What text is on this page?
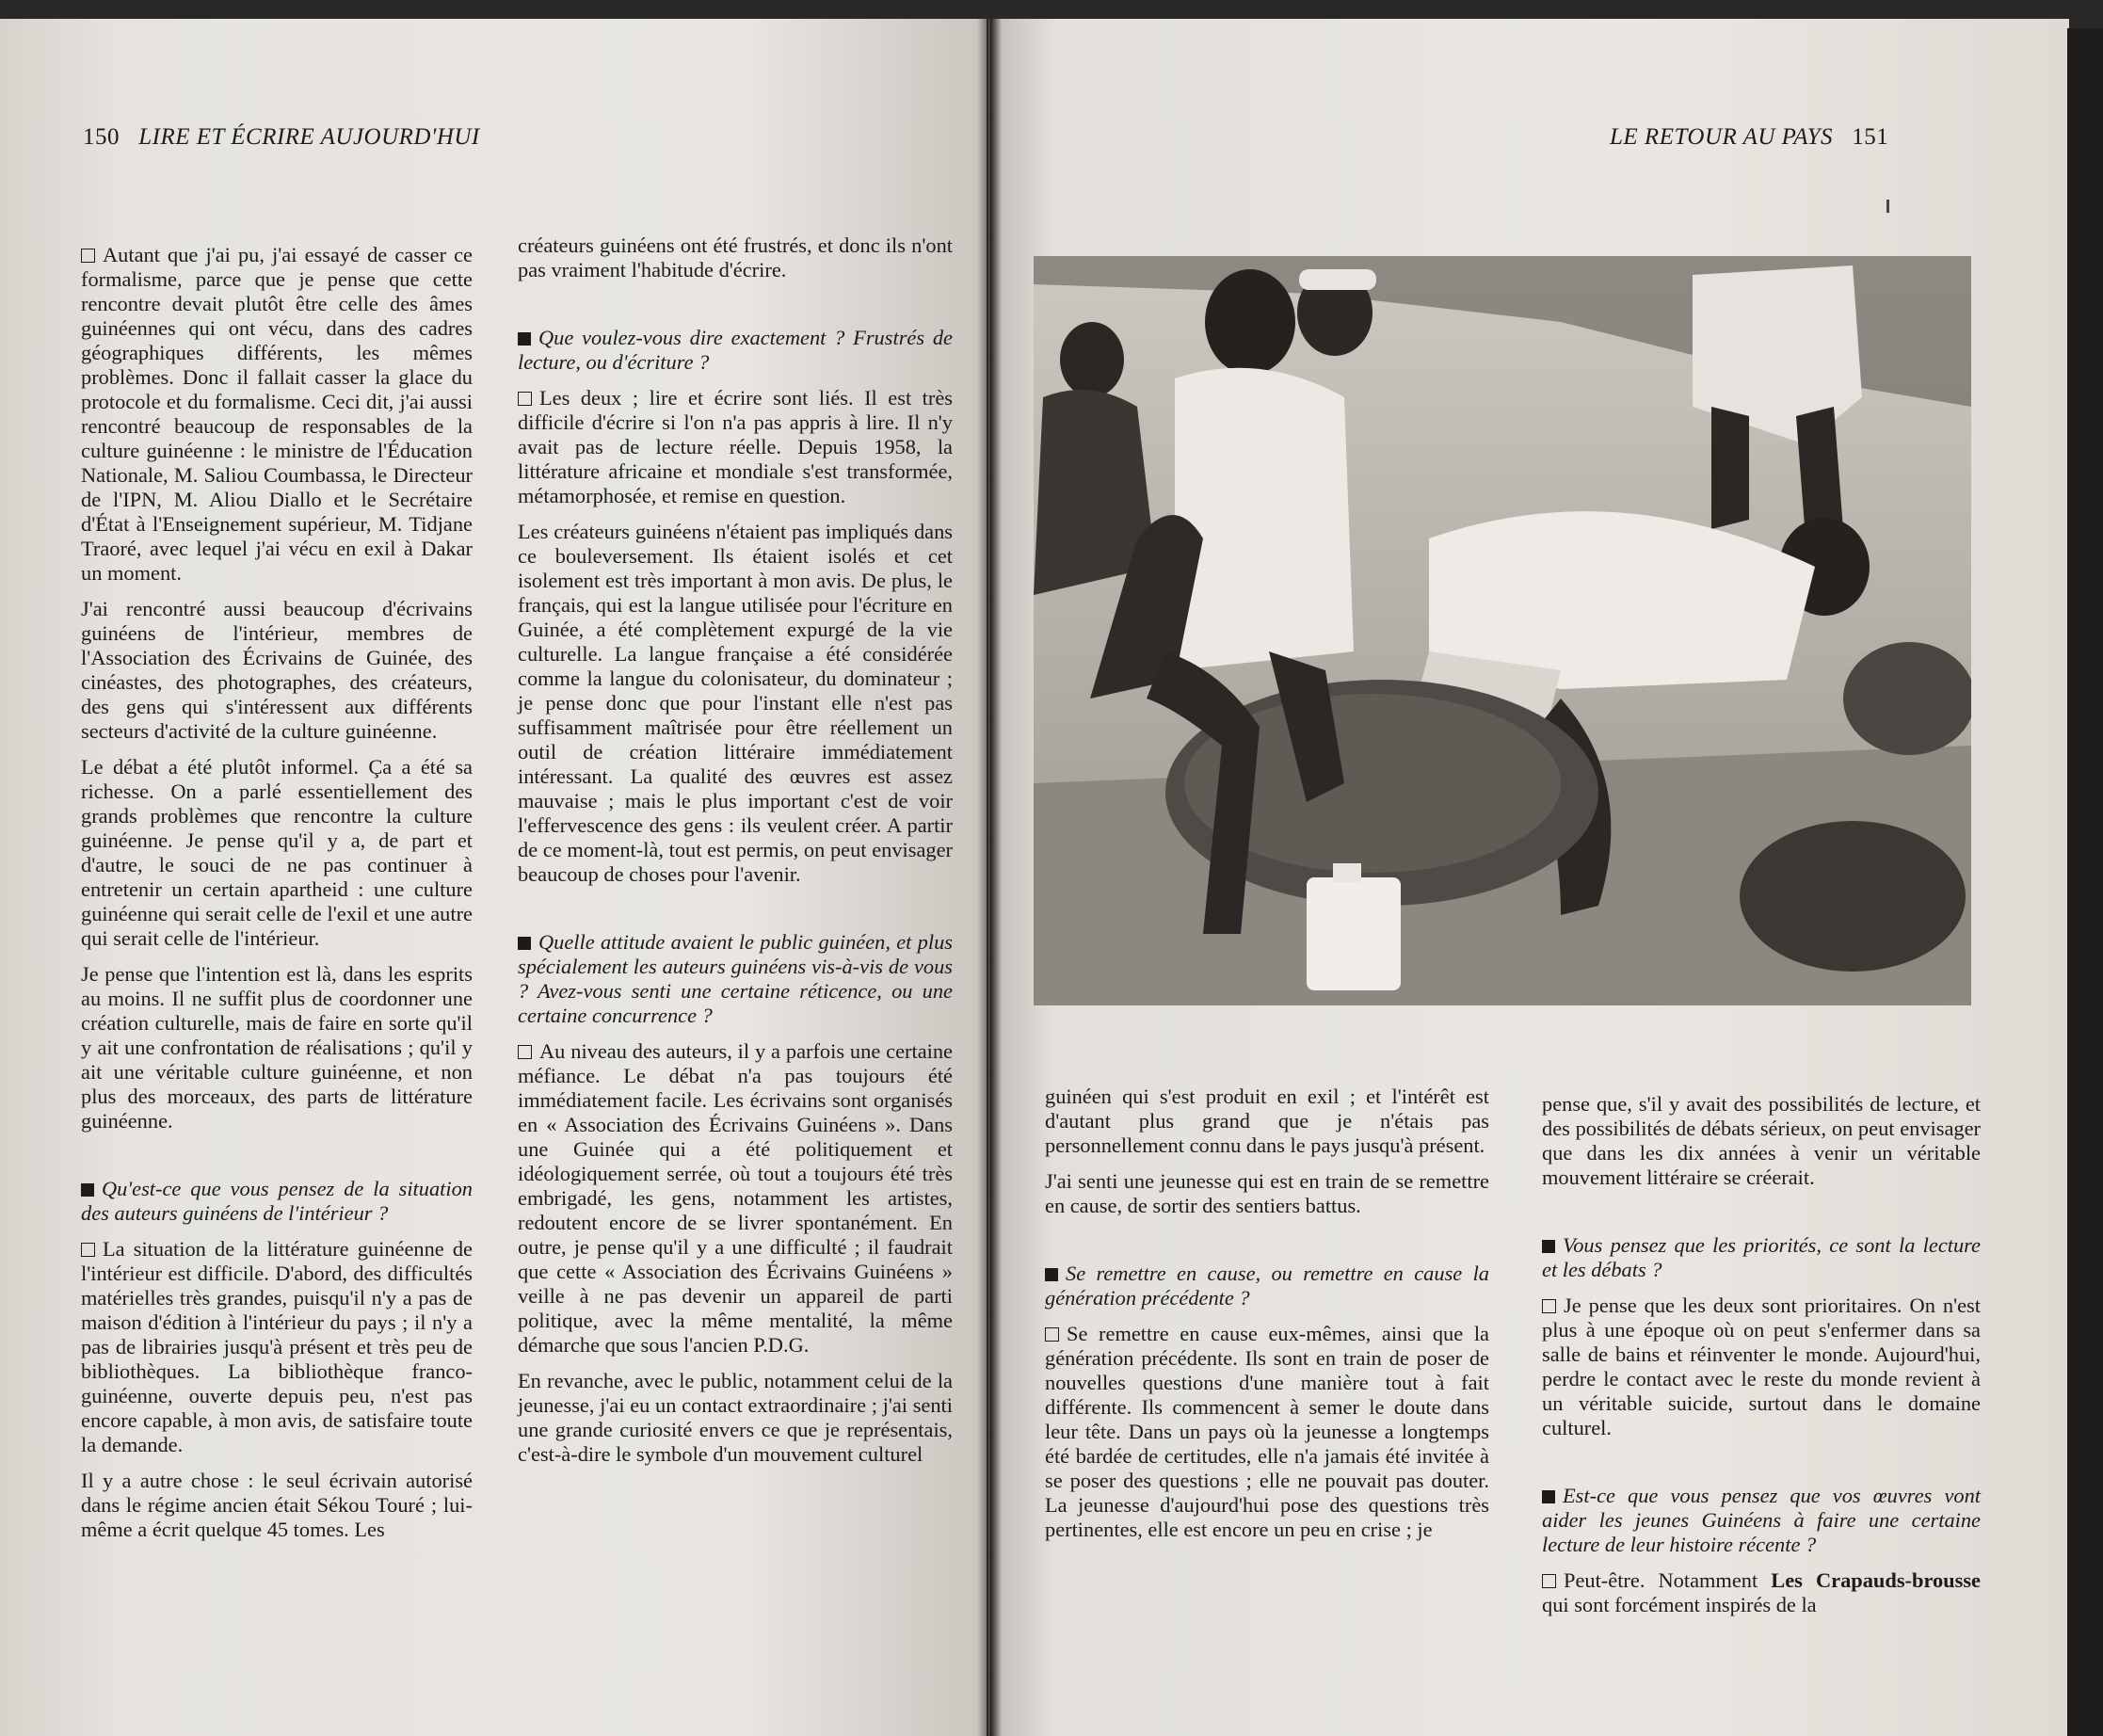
150 LIRE ET ÉCRIRE AUJOURD'HUI	LE RETOUR AU PAYS 151

Autant que j'ai pu, j'ai essayé de casser ce formalisme, parce que je pense que cette rencontre devait plutôt être celle des âmes guinéennes qui ont vécu, dans des cadres géographiques différents, les mêmes problèmes. Donc il fallait casser la glace du protocole et du formalisme. Ceci dit, j'ai aussi rencontré beaucoup de responsables de la culture guinéenne : le ministre de l'Éducation Nationale, M. Saliou Coumbassa, le Directeur de l'IPN, M. Aliou Diallo et le Secrétaire d'État à l'Enseignement supérieur, M. Tidjane Traoré, avec lequel j'ai vécu en exil à Dakar un moment.

J'ai rencontré aussi beaucoup d'écrivains guinéens de l'intérieur, membres de l'Association des Écrivains de Guinée, des cinéastes, des photographes, des créateurs, des gens qui s'intéressent aux différents secteurs d'activité de la culture guinéenne.

Le débat a été plutôt informel. Ça a été sa richesse. On a parlé essentiellement des grands problèmes que rencontre la culture guinéenne. Je pense qu'il y a, de part et d'autre, le souci de ne pas continuer à entretenir un certain apartheid : une culture guinéenne qui serait celle de l'exil et une autre qui serait celle de l'intérieur.

Je pense que l'intention est là, dans les esprits au moins. Il ne suffit plus de coordonner une création culturelle, mais de faire en sorte qu'il y ait une confrontation de réalisations ; qu'il y ait une véritable culture guinéenne, et non plus des morceaux, des parts de littérature guinéenne.

Qu'est-ce que vous pensez de la situation des auteurs guinéens de l'intérieur ?

La situation de la littérature guinéenne de l'intérieur est difficile. D'abord, des difficultés matérielles très grandes, puisqu'il n'y a pas de maison d'édition à l'intérieur du pays ; il n'y a pas de librairies jusqu'à présent et très peu de bibliothèques. La bibliothèque franco-guinéenne, ouverte depuis peu, n'est pas encore capable, à mon avis, de satisfaire toute la demande.

Il y a autre chose : le seul écrivain autorisé dans le régime ancien était Sékou Touré ; lui-même a écrit quelque 45 tomes. Les

créateurs guinéens ont été frustrés, et donc ils n'ont pas vraiment l'habitude d'écrire.

Que voulez-vous dire exactement ? Frustrés de lecture, ou d'écriture ?

Les deux ; lire et écrire sont liés. Il est très difficile d'écrire si l'on n'a pas appris à lire. Il n'y avait pas de lecture réelle. Depuis 1958, la littérature africaine et mondiale s'est transformée, métamorphosée, et remise en question.

Les créateurs guinéens n'étaient pas impliqués dans ce bouleversement. Ils étaient isolés et cet isolement est très important à mon avis. De plus, le français, qui est la langue utilisée pour l'écriture en Guinée, a été complètement expurgé de la vie culturelle. La langue française a été considérée comme la langue du colonisateur, du dominateur ; je pense donc que pour l'instant elle n'est pas suffisamment maîtrisée pour être réellement un outil de création littéraire immédiatement intéressant. La qualité des œuvres est assez mauvaise ; mais le plus important c'est de voir l'effervescence des gens : ils veulent créer. A partir de ce moment-là, tout est permis, on peut envisager beaucoup de choses pour l'avenir.

Quelle attitude avaient le public guinéen, et plus spécialement les auteurs guinéens vis-à-vis de vous ? Avez-vous senti une certaine réticence, ou une certaine concurrence ?

Au niveau des auteurs, il y a parfois une certaine méfiance. Le débat n'a pas toujours été immédiatement facile. Les écrivains sont organisés en « Association des Écrivains Guinéens ». Dans une Guinée qui a été politiquement et idéologiquement serrée, où tout a toujours été très embrigadé, les gens, notamment les artistes, redoutent encore de se livrer spontanément. En outre, je pense qu'il y a une difficulté ; il faudrait que cette « Association des Écrivains Guinéens » veille à ne pas devenir un appareil de parti politique, avec la même mentalité, la même démarche que sous l'ancien P.D.G.

En revanche, avec le public, notamment celui de la jeunesse, j'ai eu un contact extraordinaire ; j'ai senti une grande curiosité envers ce que je représentais, c'est-à-dire le symbole d'un mouvement culturel

guinéen qui s'est produit en exil ; et l'intérêt est d'autant plus grand que je n'étais pas personnellement connu dans le pays jusqu'à présent.

J'ai senti une jeunesse qui est en train de se remettre en cause, de sortir des sentiers battus.

Se remettre en cause, ou remettre en cause la génération précédente ?

Se remettre en cause eux-mêmes, ainsi que la génération précédente. Ils sont en train de poser de nouvelles questions d'une manière tout à fait différente. Ils commencent à semer le doute dans leur tête. Dans un pays où la jeunesse a longtemps été bardée de certitudes, elle n'a jamais été invitée à se poser des questions ; elle ne pouvait pas douter. La jeunesse d'aujourd'hui pose des questions très pertinentes, elle est encore un peu en crise ; je

pense que, s'il y avait des possibilités de lecture, et des possibilités de débats sérieux, on peut envisager que dans les dix années à venir un véritable mouvement littéraire se créerait.

Vous pensez que les priorités, ce sont la lecture et les débats ?

Je pense que les deux sont prioritaires. On n'est plus à une époque où on peut s'enfermer dans sa salle de bains et réinventer le monde. Aujourd'hui, perdre le contact avec le reste du monde revient à un véritable suicide, surtout dans le domaine culturel.

Est-ce que vous pensez que vos œuvres vont aider les jeunes Guinéens à faire une certaine lecture de leur histoire récente ?

Peut-être. Notamment Les Crapauds-brousse qui sont forcément inspirés de la
